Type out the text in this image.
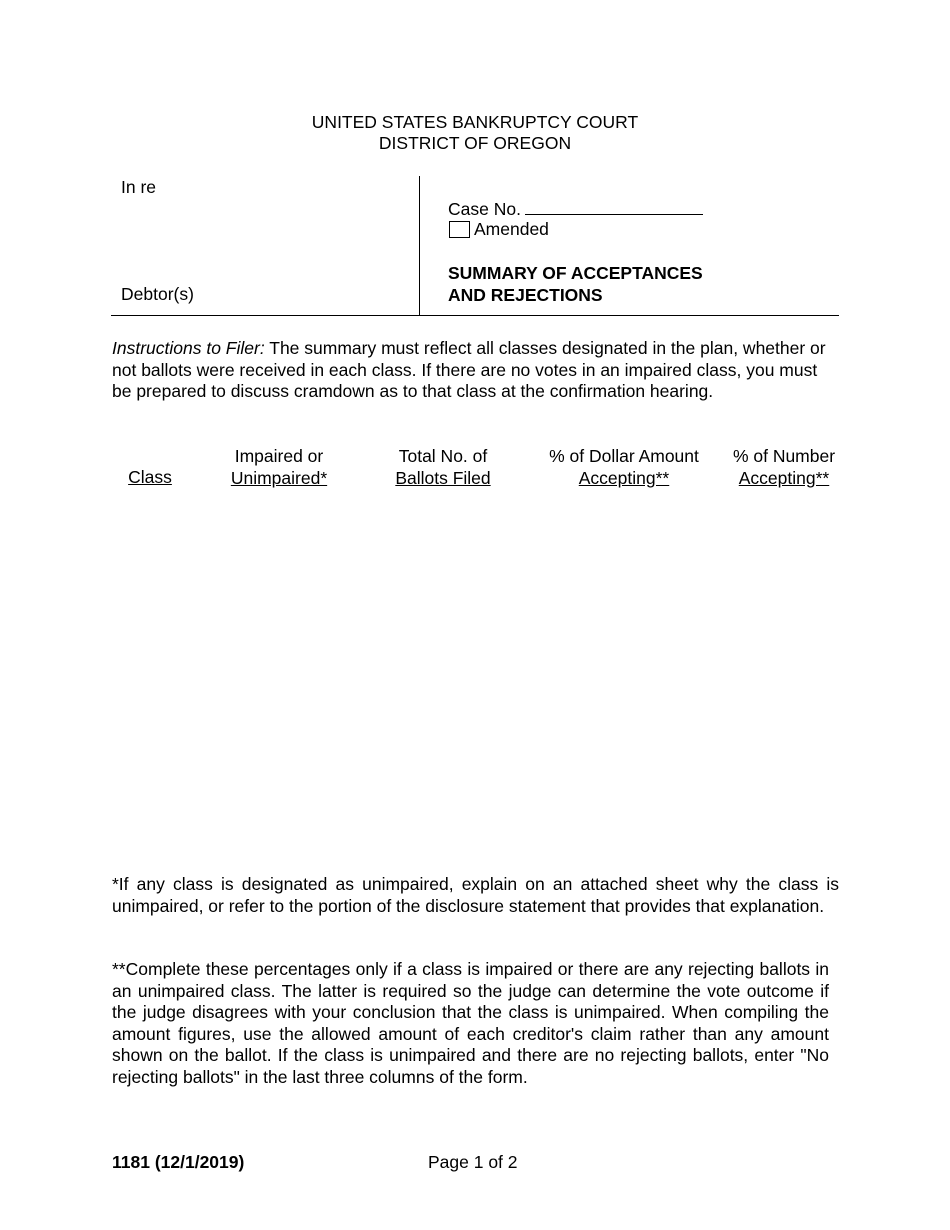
UNITED STATES BANKRUPTCY COURT
DISTRICT OF OREGON
In re
Debtor(s)
Case No.
Amended
SUMMARY OF ACCEPTANCES
AND REJECTIONS
Instructions to Filer: The summary must reflect all classes designated in the plan, whether or not ballots were received in each class. If there are no votes in an impaired class, you must be prepared to discuss cramdown as to that class at the confirmation hearing.
Class
Impaired or
Unimpaired*
Total No. of
Ballots Filed
% of Dollar Amount
Accepting**
% of Number
Accepting**
*If any class is designated as unimpaired, explain on an attached sheet why the class is unimpaired, or refer to the portion of the disclosure statement that provides that explanation.
**Complete these percentages only if a class is impaired or there are any rejecting ballots in an unimpaired class. The latter is required so the judge can determine the vote outcome if the judge disagrees with your conclusion that the class is unimpaired. When compiling the amount figures, use the allowed amount of each creditor's claim rather than any amount shown on the ballot. If the class is unimpaired and there are no rejecting ballots, enter "No rejecting ballots" in the last three columns of the form.
1181 (12/1/2019)	Page 1 of 2
